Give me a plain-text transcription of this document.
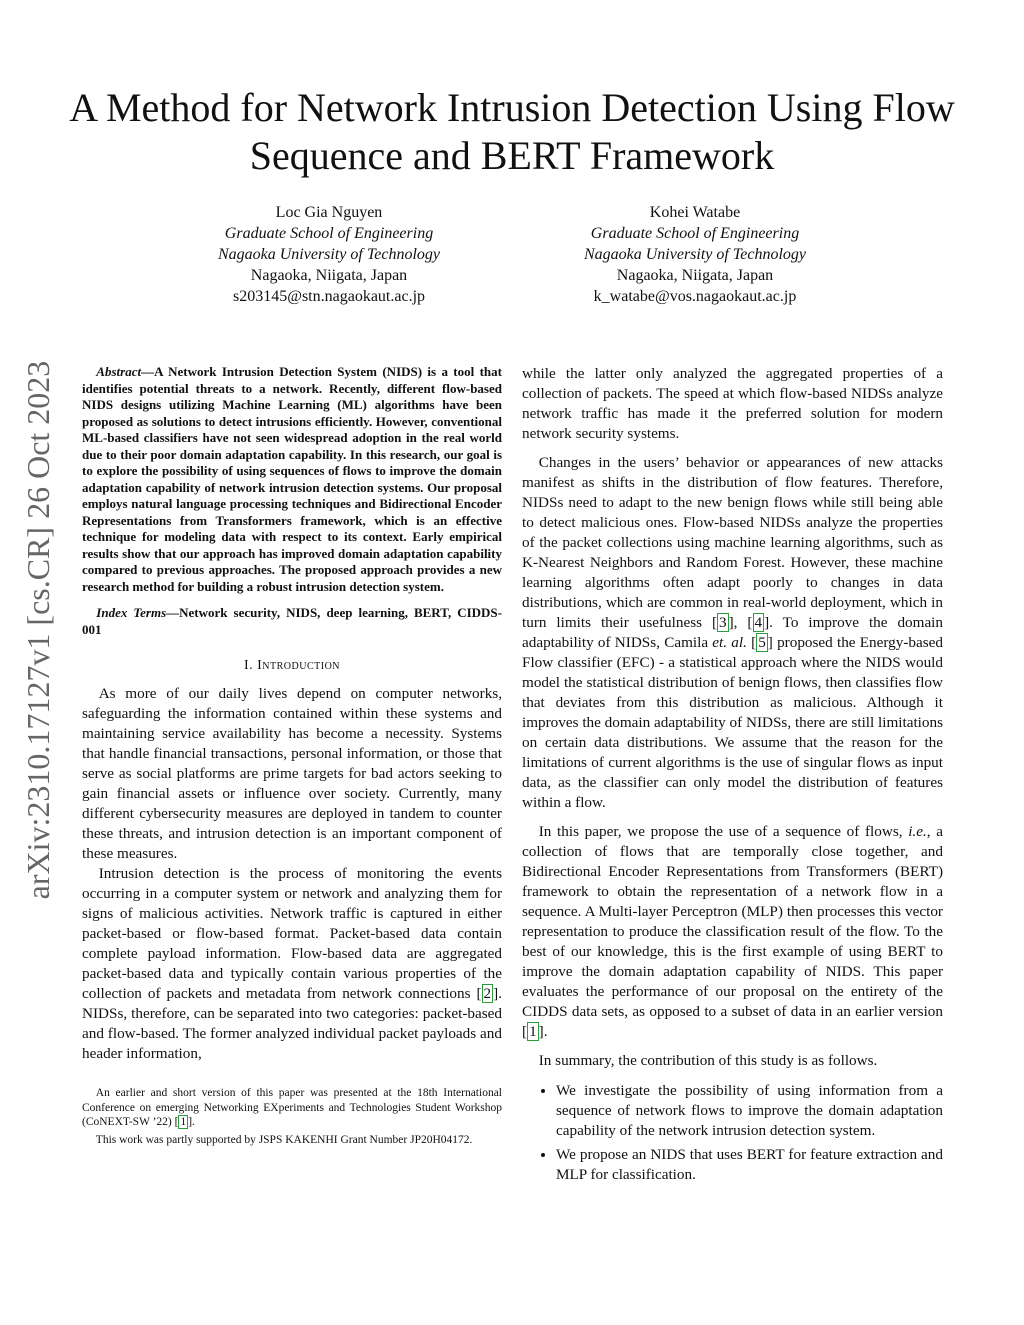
A Method for Network Intrusion Detection Using Flow Sequence and BERT Framework
Loc Gia Nguyen
Graduate School of Engineering
Nagaoka University of Technology
Nagaoka, Niigata, Japan
s203145@stn.nagaokaut.ac.jp
Kohei Watabe
Graduate School of Engineering
Nagaoka University of Technology
Nagaoka, Niigata, Japan
k_watabe@vos.nagaokaut.ac.jp
arXiv:2310.17127v1 [cs.CR] 26 Oct 2023	Abstract—A Network Intrusion Detection System (NIDS) is a tool that identifies potential threats to a network. Recently, different flow-based NIDS designs utilizing Machine Learning (ML) algorithms have been proposed as solutions to detect intrusions efficiently. However, conventional ML-based classifiers have not seen widespread adoption in the real world due to their poor domain adaptation capability. In this research, our goal is to explore the possibility of using sequences of flows to improve the domain adaptation capability of network intrusion detection systems. Our proposal employs natural language processing techniques and Bidirectional Encoder Representations from Transformers framework, which is an effective technique for modeling data with respect to its context. Early empirical results show that our approach has improved domain adaptation capability compared to previous approaches. The proposed approach provides a new research method for building a robust intrusion detection system.

Index Terms—Network security, NIDS, deep learning, BERT, CIDDS-001

I. Introduction

As more of our daily lives depend on computer networks, safeguarding the information contained within these systems and maintaining service availability has become a necessity. Systems that handle financial transactions, personal information, or those that serve as social platforms are prime targets for bad actors seeking to gain financial assets or influence over society. Currently, many different cybersecurity measures are deployed in tandem to counter these threats, and intrusion detection is an important component of these measures.

Intrusion detection is the process of monitoring the events occurring in a computer system or network and analyzing them for signs of malicious activities. Network traffic is captured in either packet-based or flow-based format. Packet-based data contain complete payload information. Flow-based data are aggregated packet-based data and typically contain various properties of the collection of packets and metadata from network connections [ 2 ]. NIDSs, therefore, can be separated into two categories: packet-based and flow-based. The former analyzed individual packet payloads and header information,

An earlier and short version of this paper was presented at the 18th International Conference on emerging Networking EXperiments and Technologies Student Workshop (CoNEXT-SW ’22) [ 1 ].

This work was partly supported by JSPS KAKENHI Grant Number JP20H04172.

while the latter only analyzed the aggregated properties of a collection of packets. The speed at which flow-based NIDSs analyze network traffic has made it the preferred solution for modern network security systems.

Changes in the users’ behavior or appearances of new attacks manifest as shifts in the distribution of flow features. Therefore, NIDSs need to adapt to the new benign flows while still being able to detect malicious ones. Flow-based NIDSs analyze the properties of the packet collections using machine learning algorithms, such as K-Nearest Neighbors and Random Forest. However, these machine learning algorithms often adapt poorly to changes in data distributions, which are common in real-world deployment, which in turn limits their usefulness [ 3 ], [ 4 ]. To improve the domain adaptability of NIDSs, Camila et. al. [ 5 ] proposed the Energy-based Flow classifier (EFC) - a statistical approach where the NIDS would model the statistical distribution of benign flows, then classifies flow that deviates from this distribution as malicious. Although it improves the domain adaptability of NIDSs, there are still limitations on certain data distributions. We assume that the reason for the limitations of current algorithms is the use of singular flows as input data, as the classifier can only model the distribution of features within a flow.

In this paper, we propose the use of a sequence of flows, i.e., a collection of flows that are temporally close together, and Bidirectional Encoder Representations from Transformers (BERT) framework to obtain the representation of a network flow in a sequence. A Multi-layer Perceptron (MLP) then processes this vector representation to produce the classification result of the flow. To the best of our knowledge, this is the first example of using BERT to improve the domain adaptation capability of NIDS. This paper evaluates the performance of our proposal on the entirety of the CIDDS data sets, as opposed to a subset of data in an earlier version [ 1 ].

In summary, the contribution of this study is as follows.

• We investigate the possibility of using information from a sequence of network flows to improve the domain adaptation capability of the network intrusion detection system.
• We propose an NIDS that uses BERT for feature extraction and MLP for classification.
